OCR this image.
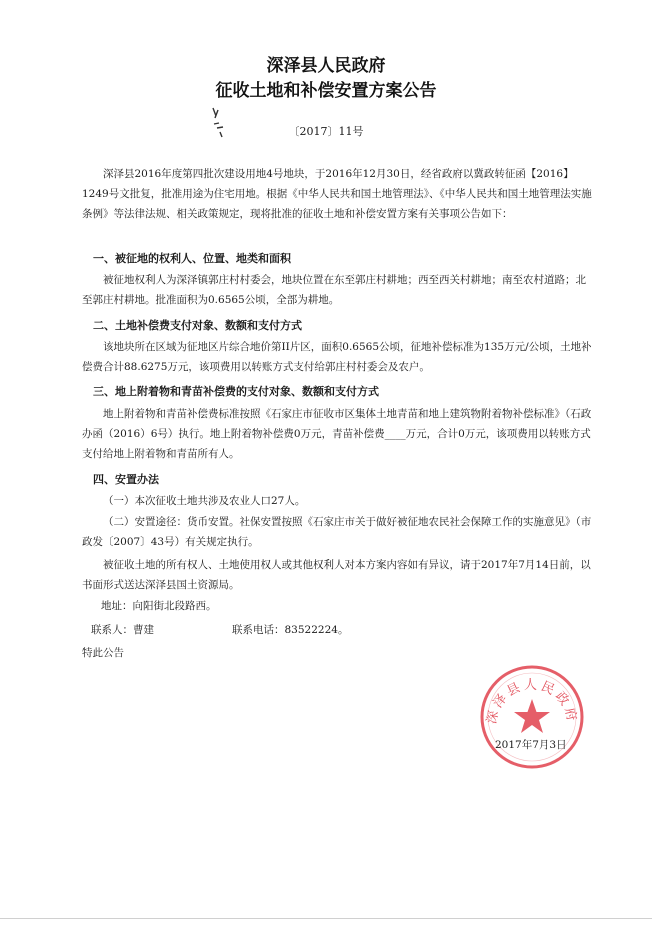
深泽县人民政府
征收土地和补偿安置方案公告
〔2017〕11号

深泽县2016年度第四批次建设用地4号地块，于2016年12月30日，经省政府以冀政转征函【2016】1249号文批复，批准用途为住宅用地。根据《中华人民共和国土地管理法》、《中华人民共和国土地管理法实施条例》等法律法规、相关政策规定，现将批准的征收土地和补偿安置方案有关事项公告如下：

一、被征地的权利人、位置、地类和面积

被征地权利人为深泽镇郭庄村村委会，地块位置在东至郭庄村耕地；西至西关村耕地；南至农村道路；北至郭庄村耕地。批准面积为0.6565公顷，全部为耕地。

二、土地补偿费支付对象、数额和支付方式

该地块所在区域为征地区片综合地价第II片区，面积0.6565公顷，征地补偿标准为135万元/公顷，土地补偿费合计88.6275万元，该项费用以转账方式支付给郭庄村村委会及农户。

三、地上附着物和青苗补偿费的支付对象、数额和支付方式

地上附着物和青苗补偿费标准按照《石家庄市征收市区集体土地青苗和地上建筑物附着物补偿标准》（石政办函（2016）6号）执行。地上附着物补偿费0万元，青苗补偿费____万元，合计0万元，该项费用以转账方式支付给地上附着物和青苗所有人。

四、安置办法

（一）本次征收土地共涉及农业人口27人。

（二）安置途径：货币安置。社保安置按照《石家庄市关于做好被征地农民社会保障工作的实施意见》（市政发〔2007〕43号）有关规定执行。

被征收土地的所有权人、土地使用权人或其他权利人对本方案内容如有异议，请于2017年7月14日前，以书面形式送达深泽县国土资源局。

地址：向阳街北段路西。
联系人：曹建	联系电话：83522224。
特此公告
深泽县人民政府
2017年7月3日
